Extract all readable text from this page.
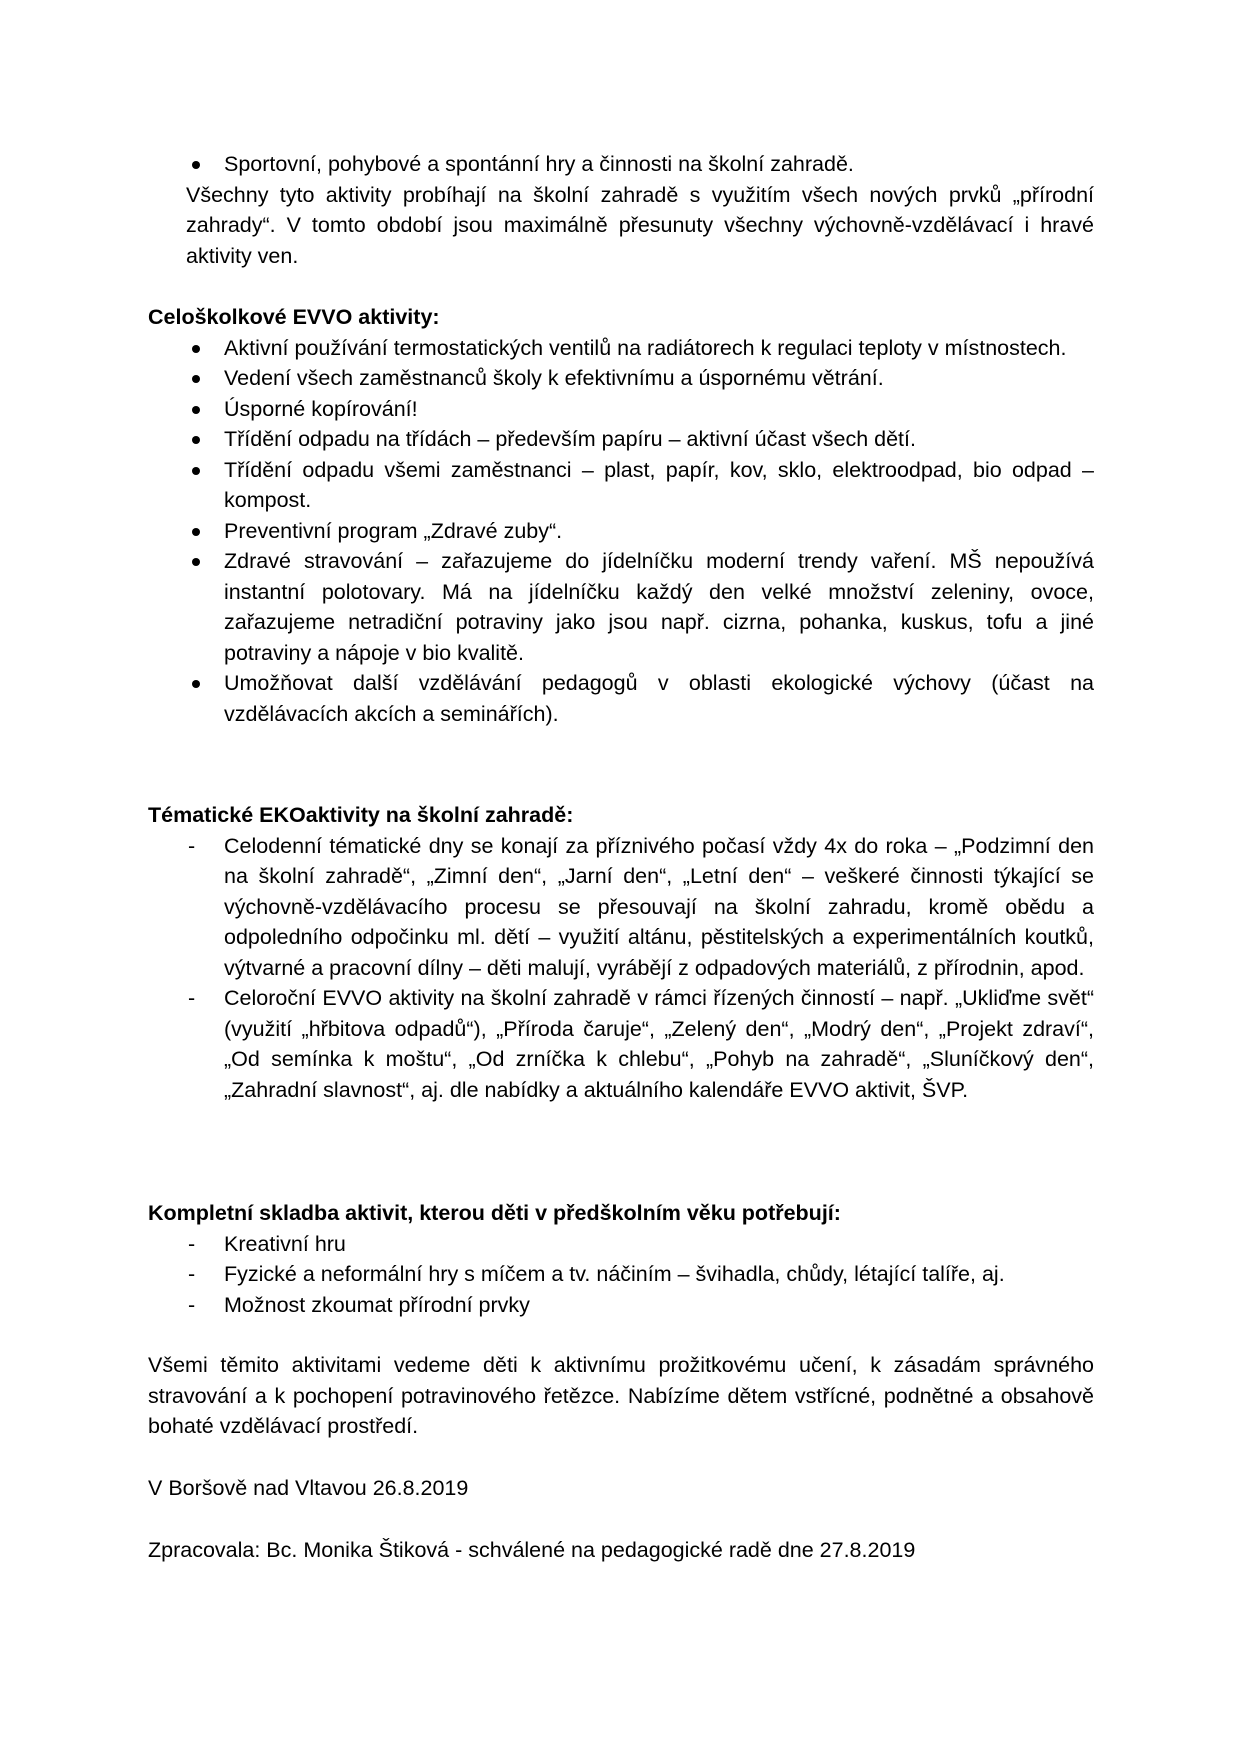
Sportovní, pohybové a spontánní hry a činnosti na školní zahradě.
Všechny tyto aktivity probíhají na školní zahradě s využitím všech nových prvků „přírodní zahrady“. V tomto období jsou maximálně přesunuty všechny výchovně-vzdělávací i hravé aktivity ven.
Celoškolkové EVVO aktivity:
Aktivní používání termostatických ventilů na radiátorech k regulaci teploty v místnostech.
Vedení všech zaměstnanců školy k efektivnímu a úspornému větrání.
Úsporné kopírování!
Třídění odpadu na třídách – především papíru – aktivní účast všech dětí.
Třídění odpadu všemi zaměstnanci – plast, papír, kov, sklo, elektroodpad, bio odpad – kompost.
Preventivní program „Zdravé zuby“.
Zdravé stravování – zařazujeme do jídelníčku moderní trendy vaření. MŠ nepoužívá instantní polotovary. Má na jídelníčku každý den velké množství zeleniny, ovoce, zařazujeme netradiční potraviny jako jsou např. cizrna, pohanka, kuskus, tofu a jiné potraviny a nápoje v bio kvalitě.
Umožňovat další vzdělávání pedagogů v oblasti ekologické výchovy (účast na vzdělávacích akcích a seminářích).
Tématické EKOaktivity na školní zahradě:
- Celodenní tématické dny se konají za příznivého počasí vždy 4x do roka – „Podzimní den na školní zahradě“, „Zimní den“, „Jarní den“, „Letní den“ – veškeré činnosti týkající se výchovně-vzdělávacího procesu se přesouvají na školní zahradu, kromě obědu a odpoledního odpočinku ml. dětí – využití altánu, pěstitelských a experimentálních koutků, výtvarné a pracovní dílny – děti malují, vyrábějí z odpadových materiálů, z přírodnin, apod.
- Celoroční EVVO aktivity na školní zahradě v rámci řízených činností – např. „Ukliďme svět“ (využití „hřbitova odpadů“), „Příroda čaruje“, „Zelený den“, „Modrý den“, „Projekt zdraví“, „Od semínka k moštu“, „Od zrníčka k chlebu“, „Pohyb na zahradě“, „Sluníčkový den“, „Zahradní slavnost“, aj. dle nabídky a aktuálního kalendáře EVVO aktivit, ŠVP.
Kompletní skladba aktivit, kterou děti v předškolním věku potřebují:
- Kreativní hru
- Fyzické a neformální hry s míčem a tv. náčiním – švihadla, chůdy, létající talíře, aj.
- Možnost zkoumat přírodní prvky
Všemi těmito aktivitami vedeme děti k aktivnímu prožitkovému učení, k zásadám správného stravování a k pochopení potravinového řetězce. Nabízíme dětem vstřícné, podnětné a obsahově bohaté vzdělávací prostředí.
V Boršově nad Vltavou 26.8.2019
Zpracovala: Bc. Monika Štiková - schválené na pedagogické radě dne 27.8.2019
